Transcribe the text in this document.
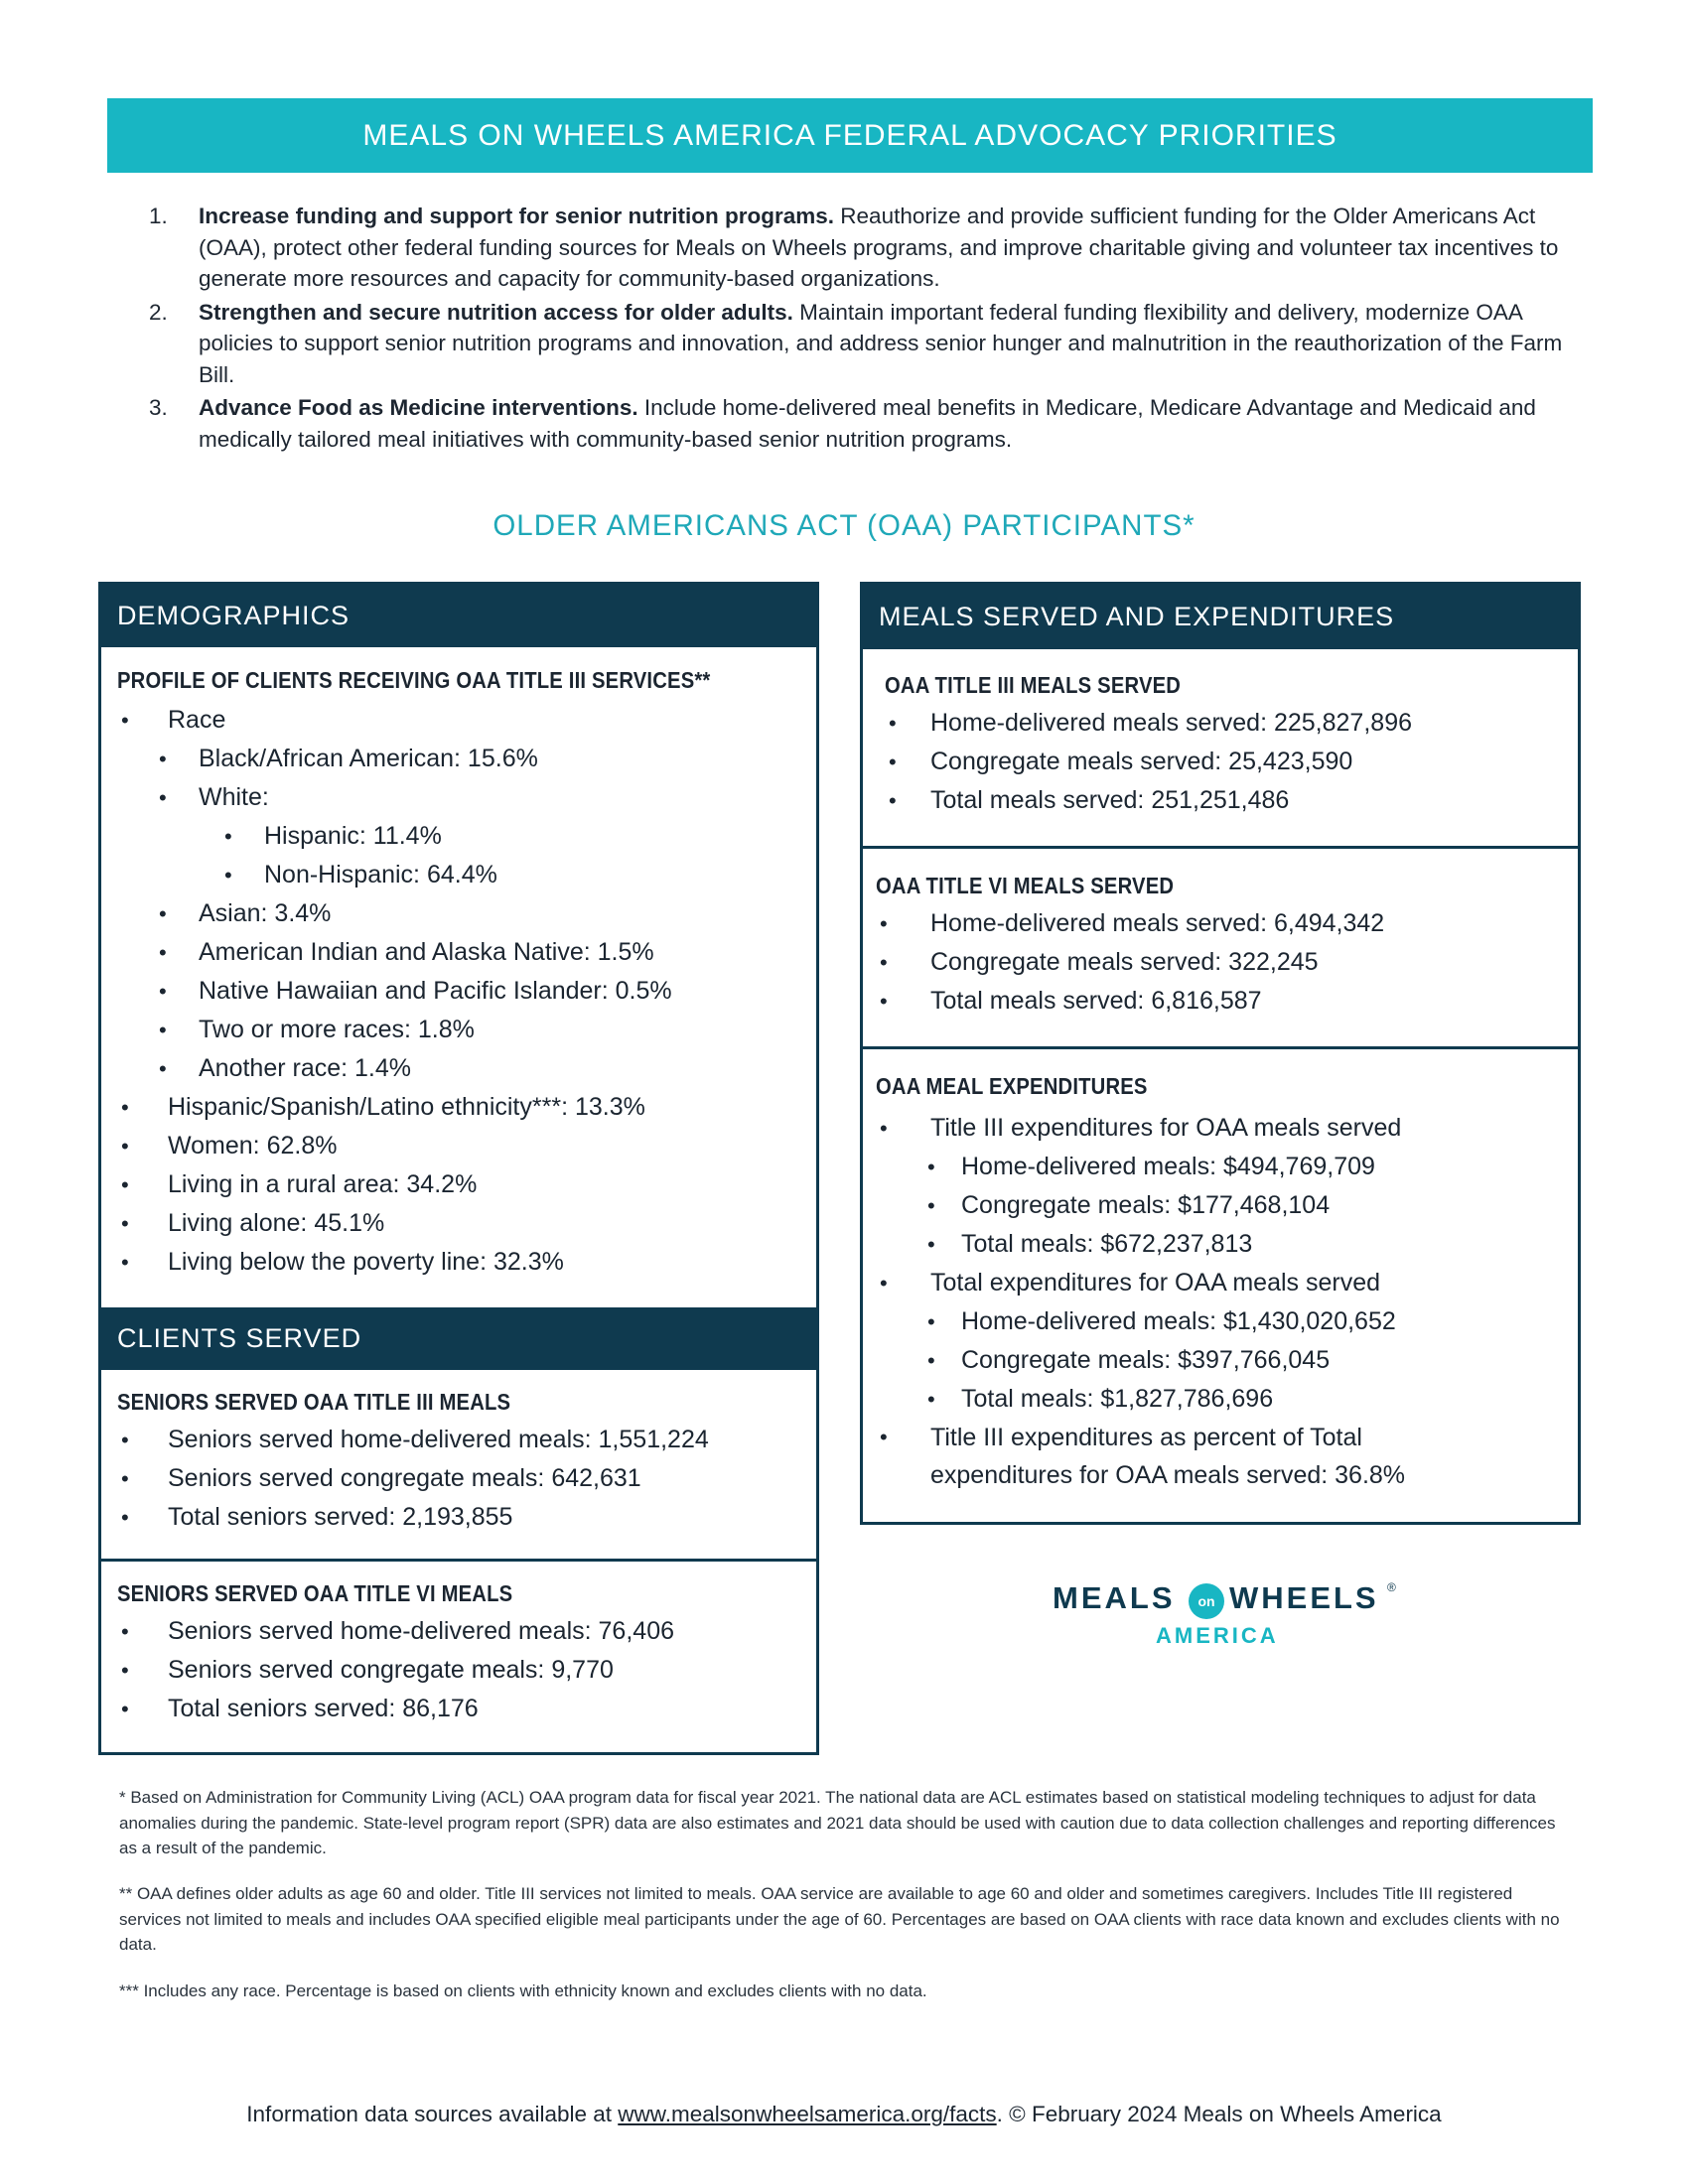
MEALS ON WHEELS AMERICA FEDERAL ADVOCACY PRIORITIES
1.	Increase funding and support for senior nutrition programs. Reauthorize and provide sufficient funding for the Older Americans Act (OAA), protect other federal funding sources for Meals on Wheels programs, and improve charitable giving and volunteer tax incentives to generate more resources and capacity for community-based organizations.
2.	Strengthen and secure nutrition access for older adults. Maintain important federal funding flexibility and delivery, modernize OAA policies to support senior nutrition programs and innovation, and address senior hunger and malnutrition in the reauthorization of the Farm Bill.
3.	Advance Food as Medicine interventions. Include home-delivered meal benefits in Medicare, Medicare Advantage and Medicaid and medically tailored meal initiatives with community-based senior nutrition programs.
OLDER AMERICANS ACT (OAA) PARTICIPANTS*
DEMOGRAPHICS
PROFILE OF CLIENTS RECEIVING OAA TITLE III SERVICES**
• Race
• Black/African American: 15.6%
• White:
• Hispanic: 11.4%
• Non-Hispanic: 64.4%
• Asian: 3.4%
• American Indian and Alaska Native: 1.5%
• Native Hawaiian and Pacific Islander: 0.5%
• Two or more races: 1.8%
• Another race: 1.4%
• Hispanic/Spanish/Latino ethnicity***: 13.3%
• Women: 62.8%
• Living in a rural area: 34.2%
• Living alone: 45.1%
• Living below the poverty line: 32.3%
CLIENTS SERVED
SENIORS SERVED OAA TITLE III MEALS
• Seniors served home-delivered meals: 1,551,224
• Seniors served congregate meals: 642,631
• Total seniors served: 2,193,855
SENIORS SERVED OAA TITLE VI MEALS
• Seniors served home-delivered meals: 76,406
• Seniors served congregate meals: 9,770
• Total seniors served: 86,176
MEALS SERVED AND EXPENDITURES
OAA TITLE III MEALS SERVED
• Home-delivered meals served: 225,827,896
• Congregate meals served: 25,423,590
• Total meals served: 251,251,486
OAA TITLE VI MEALS SERVED
• Home-delivered meals served: 6,494,342
• Congregate meals served: 322,245
• Total meals served: 6,816,587
OAA MEAL EXPENDITURES
• Title III expenditures for OAA meals served
• Home-delivered meals: $494,769,709
• Congregate meals: $177,468,104
• Total meals: $672,237,813
• Total expenditures for OAA meals served
• Home-delivered meals: $1,430,020,652
• Congregate meals: $397,766,045
• Total meals: $1,827,786,696
• Title III expenditures as percent of Total
expenditures for OAA meals served: 36.8%
MEALS	on WHEELS ®
AMERICA
* Based on Administration for Community Living (ACL) OAA program data for fiscal year 2021. The national data are ACL estimates based on statistical modeling techniques to adjust for data anomalies during the pandemic. State-level program report (SPR) data are also estimates and 2021 data should be used with caution due to data collection challenges and reporting differences as a result of the pandemic.
** OAA defines older adults as age 60 and older. Title III services not limited to meals. OAA service are available to age 60 and older and sometimes caregivers. Includes Title III registered services not limited to meals and includes OAA specified eligible meal participants under the age of 60. Percentages are based on OAA clients with race data known and excludes clients with no data.
*** Includes any race. Percentage is based on clients with ethnicity known and excludes clients with no data.
Information data sources available at www.mealsonwheelsamerica.org/facts. © February 2024 Meals on Wheels America
